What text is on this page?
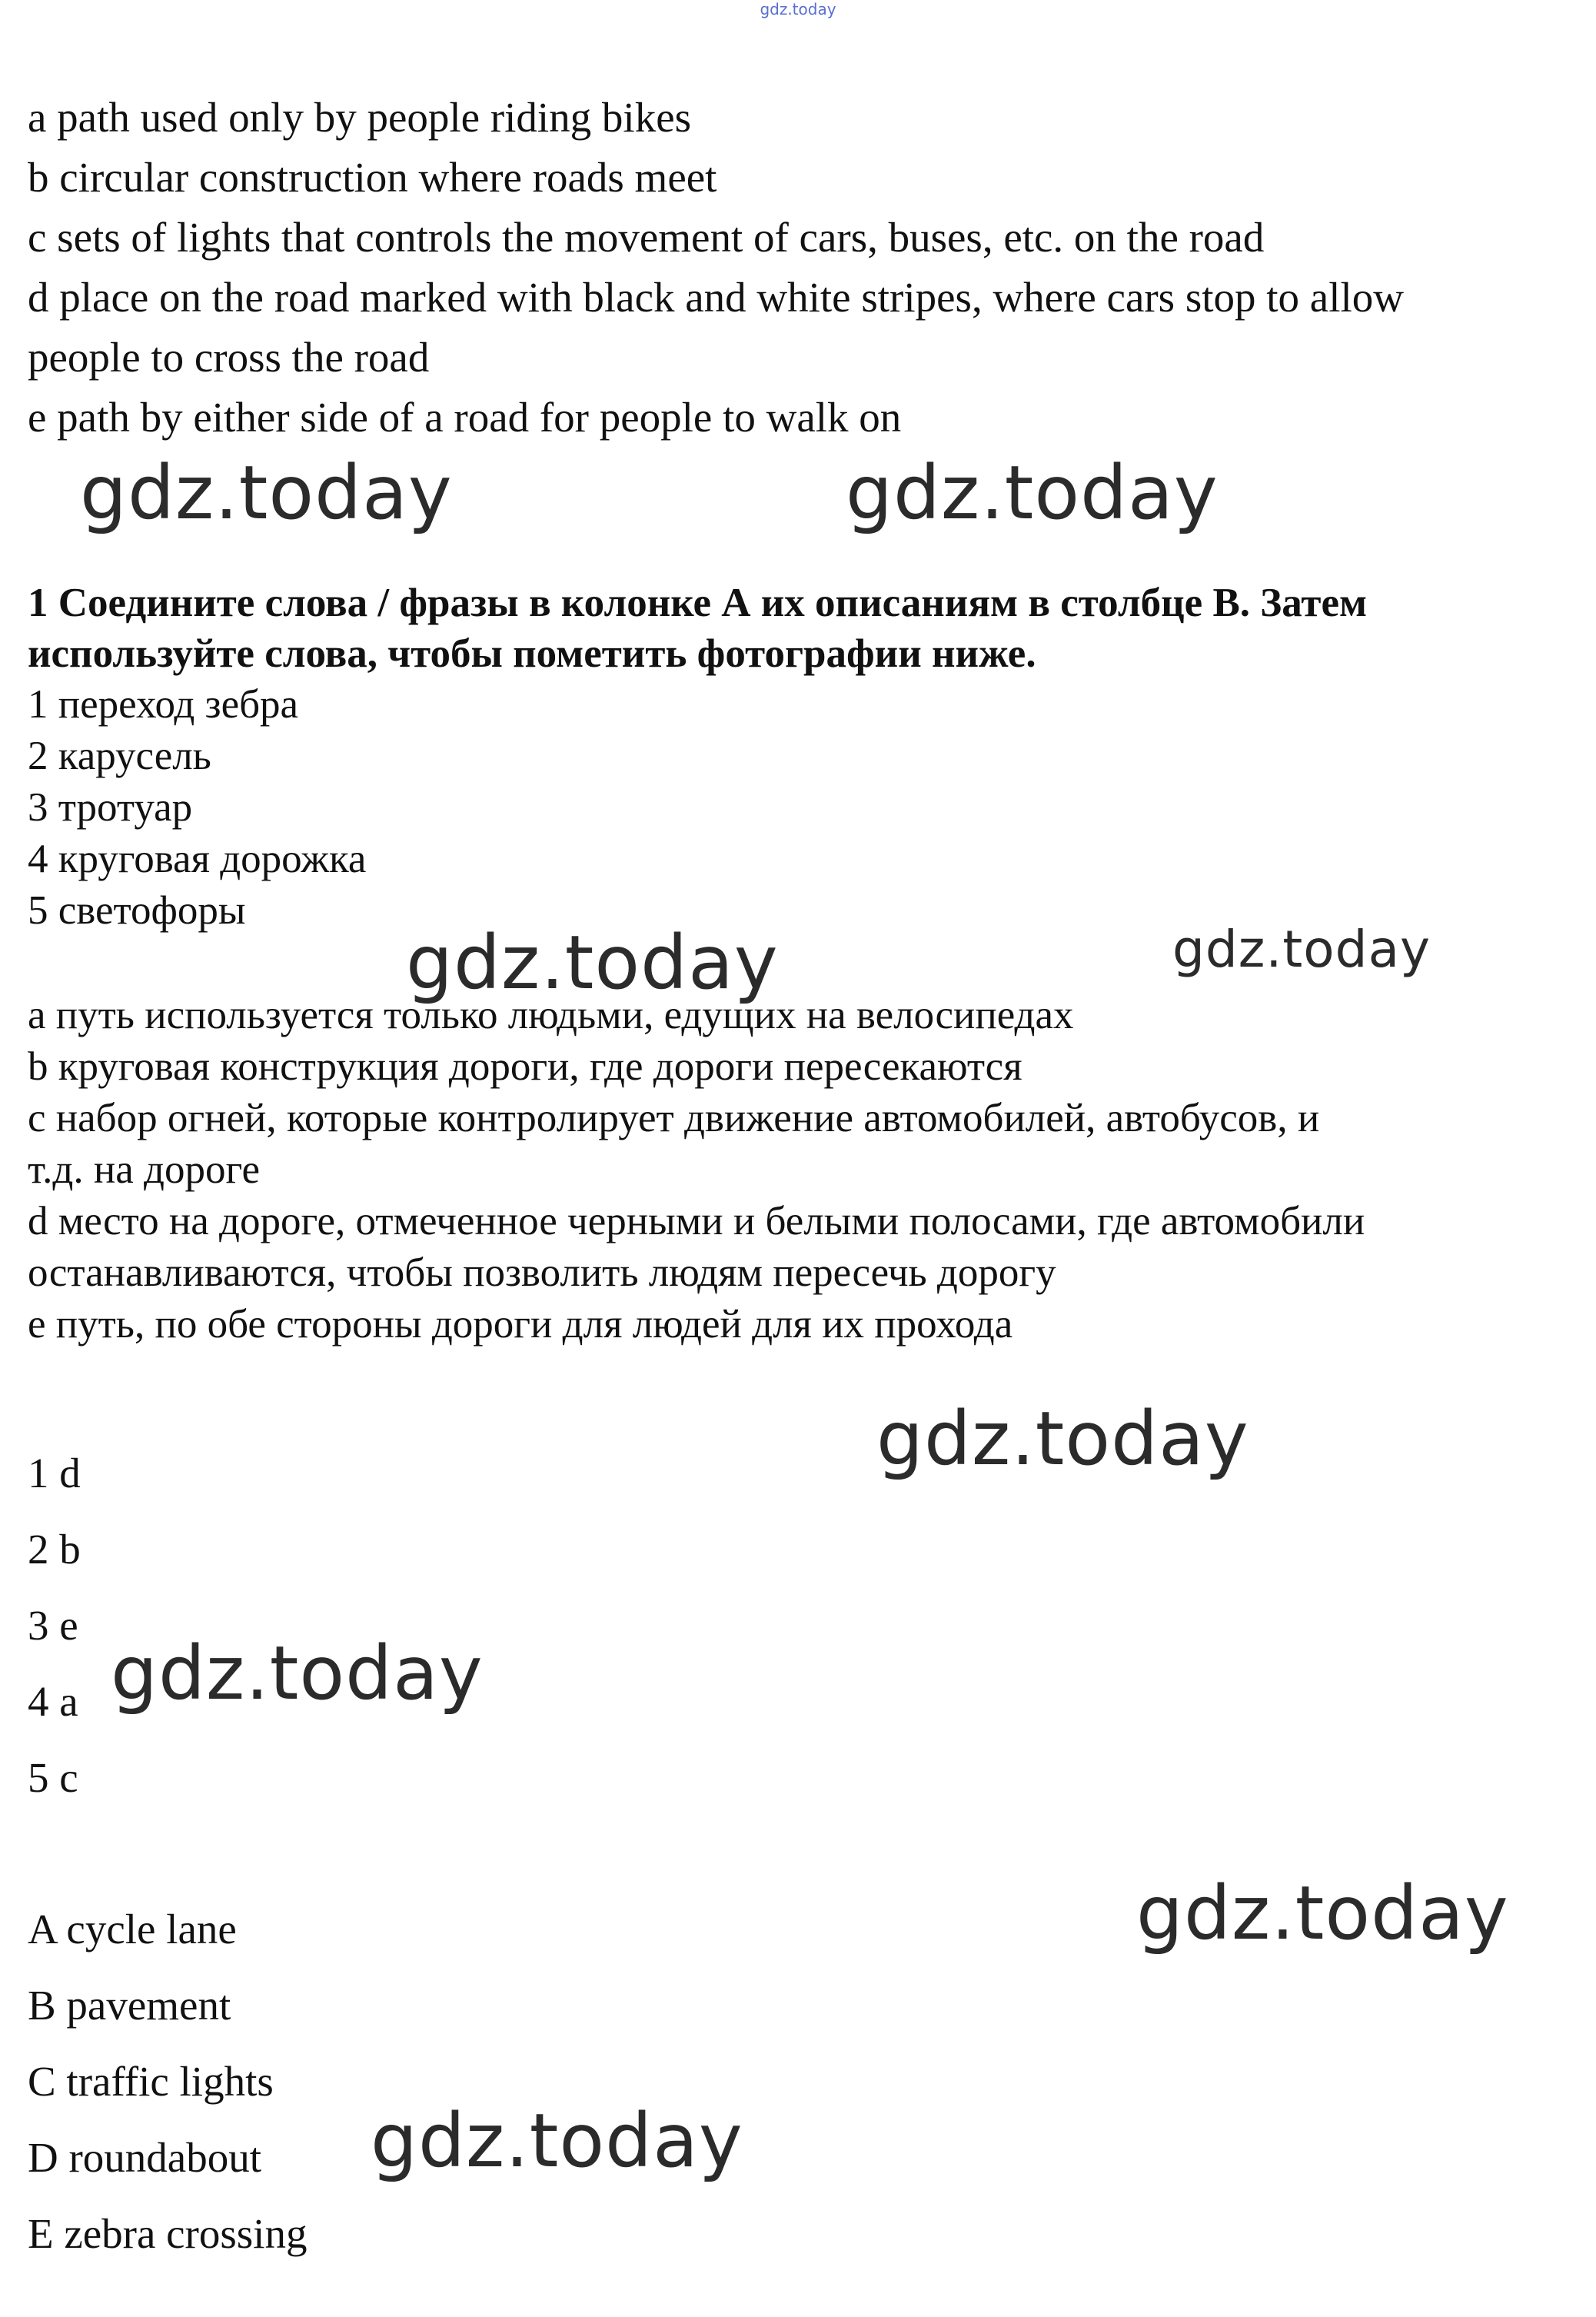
gdz.today
a path used only by people riding bikes
b circular construction where roads meet
c sets of lights that controls the movement of cars, buses, etc. on the road
d place on the road marked with black and white stripes, where cars stop to allow
people to cross the road
e path by either side of a road for people to walk on
gdz.today	gdz.today
1 Соедините слова / фразы в колонке А их описаниям в столбце В. Затем
используйте слова, чтобы пометить фотографии ниже.
1 переход зебра
2 карусель
3 тротуар
4 круговая дорожка
5 светофоры
gdz.today	gdz.today
а путь используется только людьми, едущих на велосипедах
b круговая конструкция дороги, где дороги пересекаются
с набор огней, которые контролирует движение автомобилей, автобусов, и
т.д. на дороге
d место на дороге, отмеченное черными и белыми полосами, где автомобили
останавливаются, чтобы позволить людям пересечь дорогу
е путь, по обе стороны дороги для людей для их прохода
gdz.today
1 d
2 b
3 e
4 a
5 c
gdz.today
gdz.today
A cycle lane
B pavement
C traffic lights
D roundabout
E zebra crossing
gdz.today
